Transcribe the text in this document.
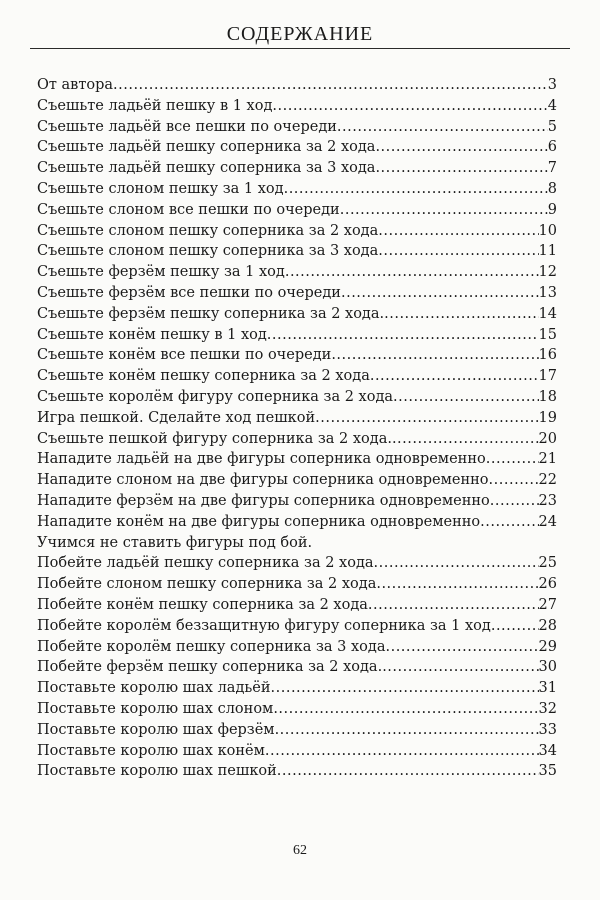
СОДЕРЖАНИЕ
От автора .....	3
Съешьте ладьёй пешку в 1 ход .....	4
Съешьте ладьёй все пешки по очереди .....	5
Съешьте ладьёй пешку соперника за 2 хода .....	6
Съешьте ладьёй пешку соперника за 3 хода .....	7
Съешьте слоном пешку за 1 ход .....	8
Съешьте слоном все пешки по очереди .....	9
Съешьте слоном пешку соперника за 2 хода .....	10
Съешьте слоном пешку соперника за 3 хода .....	11
Съешьте ферзём пешку за 1 ход .....	12
Съешьте ферзём все пешки по очереди .....	13
Съешьте ферзём пешку соперника за 2 хода. .....	14
Съешьте конём пешку в 1 ход .....	15
Съешьте конём все пешки по очереди .....	16
Съешьте конём пешку соперника за 2 хода .....	17
Съешьте королём фигуру соперника за 2 хода .....	18
Игра пешкой. Сделайте ход пешкой .....	19
Съешьте пешкой фигуру соперника за 2 хода. .....	20
Нападите ладьёй на две фигуры соперника одновременно .....	21
Нападите слоном на две фигуры соперника одновременно .....	22
Нападите ферзём на две фигуры соперника одновременно .....	23
Нападите конём на две фигуры соперника одновременно .....	24
Учимся не ставить фигуры под бой.
Побейте ладьёй пешку соперника за 2 хода .....	25
Побейте слоном пешку соперника за 2 хода .....	26
Побейте конём пешку соперника за 2 хода .....	27
Побейте королём беззащитную фигуру соперника за 1 ход .....	28
Побейте королём пешку соперника за 3 хода .....	29
Побейте ферзём пешку соперника за 2 хода. .....	30
Поставьте королю шах ладьёй .....	31
Поставьте королю шах слоном .....	32
Поставьте королю шах ферзём .....	33
Поставьте королю шах конём .....	34
Поставьте королю шах пешкой .....	35
62
